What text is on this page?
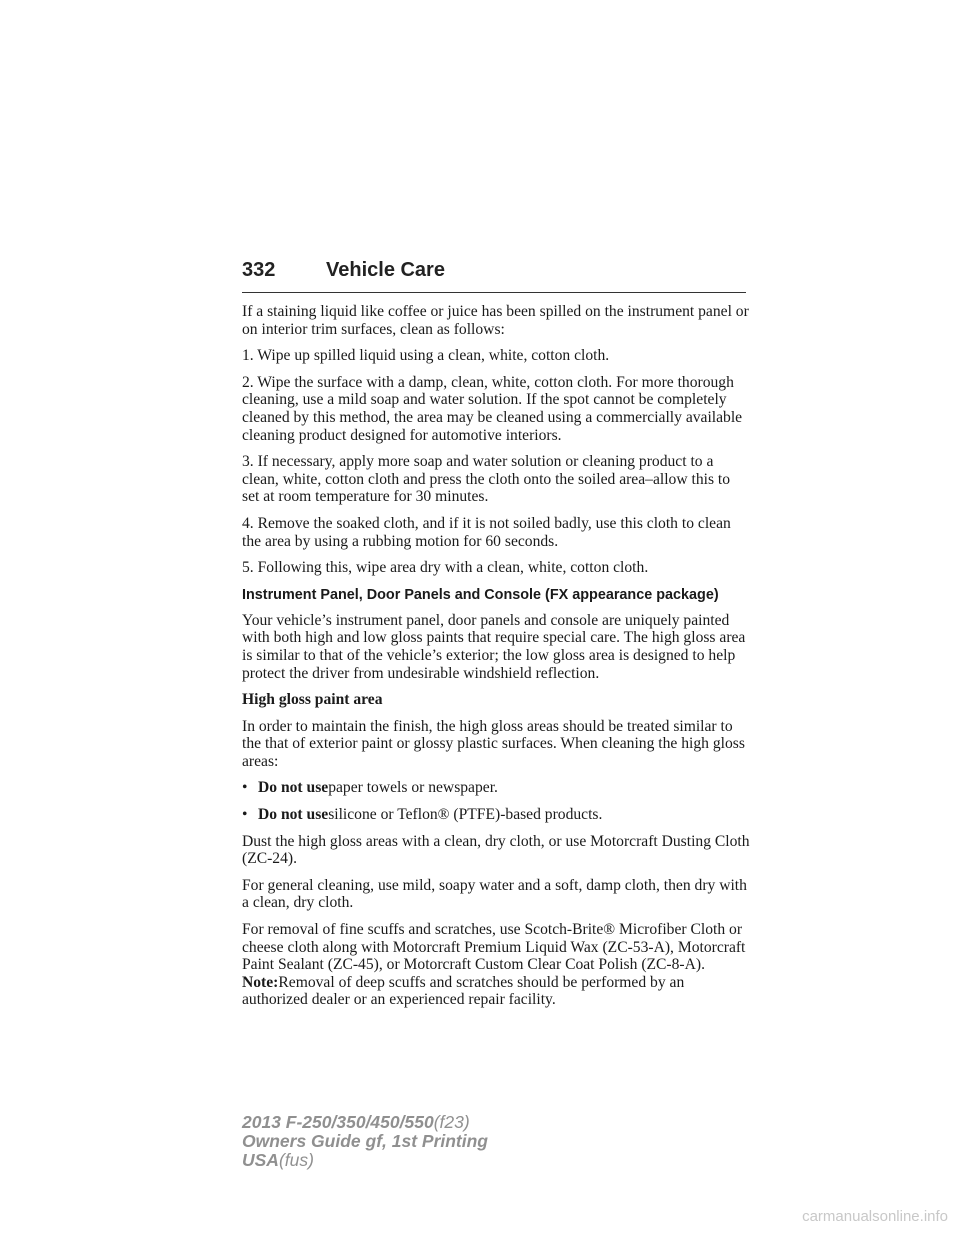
332	Vehicle Care

If a staining liquid like coffee or juice has been spilled on the instrument panel or on interior trim surfaces, clean as follows:

1. Wipe up spilled liquid using a clean, white, cotton cloth.

2. Wipe the surface with a damp, clean, white, cotton cloth. For more thorough cleaning, use a mild soap and water solution. If the spot cannot be completely cleaned by this method, the area may be cleaned using a commercially available cleaning product designed for automotive interiors.

3. If necessary, apply more soap and water solution or cleaning product to a clean, white, cotton cloth and press the cloth onto the soiled area–allow this to set at room temperature for 30 minutes.

4. Remove the soaked cloth, and if it is not soiled badly, use this cloth to clean the area by using a rubbing motion for 60 seconds.

5. Following this, wipe area dry with a clean, white, cotton cloth.

Instrument Panel, Door Panels and Console (FX appearance package)

Your vehicle’s instrument panel, door panels and console are uniquely painted with both high and low gloss paints that require special care. The high gloss area is similar to that of the vehicle’s exterior; the low gloss area is designed to help protect the driver from undesirable windshield reflection.

High gloss paint area

In order to maintain the finish, the high gloss areas should be treated similar to the that of exterior paint or glossy plastic surfaces. When cleaning the high gloss areas:

• Do not usepaper towels or newspaper.
• Do not usesilicone or Teflon® (PTFE)-based products.

Dust the high gloss areas with a clean, dry cloth, or use Motorcraft Dusting Cloth (ZC-24).

For general cleaning, use mild, soapy water and a soft, damp cloth, then dry with a clean, dry cloth.

For removal of fine scuffs and scratches, use Scotch-Brite® Microfiber Cloth or cheese cloth along with Motorcraft Premium Liquid Wax (ZC-53-A), Motorcraft Paint Sealant (ZC-45), or Motorcraft Custom Clear Coat Polish (ZC-8-A). Note:Removal of deep scuffs and scratches should be performed by an authorized dealer or an experienced repair facility.

2013 F-250/350/450/550(f23)
Owners Guide gf, 1st Printing
USA(fus)
carmanualsonline.info
